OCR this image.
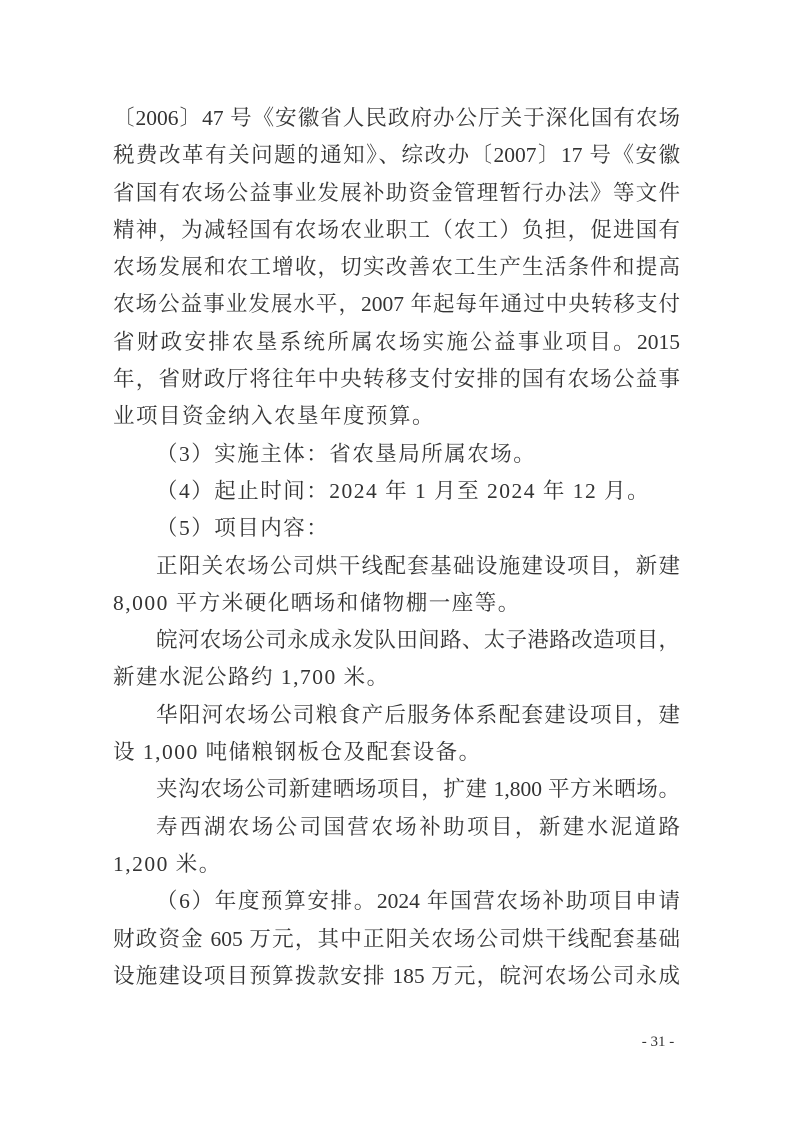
〔2006〕47 号《安徽省人民政府办公厅关于深化国有农场
税费改革有关问题的通知》、综改办〔2007〕17 号《安徽
省国有农场公益事业发展补助资金管理暂行办法》等文件
精神，为减轻国有农场农业职工（农工）负担，促进国有
农场发展和农工增收，切实改善农工生产生活条件和提高
农场公益事业发展水平，2007 年起每年通过中央转移支付
省财政安排农垦系统所属农场实施公益事业项目。2015
年，省财政厅将往年中央转移支付安排的国有农场公益事
业项目资金纳入农垦年度预算。
（3）实施主体：省农垦局所属农场。
（4）起止时间：2024 年 1 月至 2024 年 12 月。
（5）项目内容：
正阳关农场公司烘干线配套基础设施建设项目，新建
8,000 平方米硬化晒场和储物棚一座等。
皖河农场公司永成永发队田间路、太子港路改造项目，
新建水泥公路约 1,700 米。
华阳河农场公司粮食产后服务体系配套建设项目，建
设 1,000 吨储粮钢板仓及配套设备。
夹沟农场公司新建晒场项目，扩建 1,800 平方米晒场。
寿西湖农场公司国营农场补助项目，新建水泥道路
1,200 米。
（6）年度预算安排。2024 年国营农场补助项目申请
财政资金 605 万元，其中正阳关农场公司烘干线配套基础
设施建设项目预算拨款安排 185 万元，皖河农场公司永成
- 31 -
